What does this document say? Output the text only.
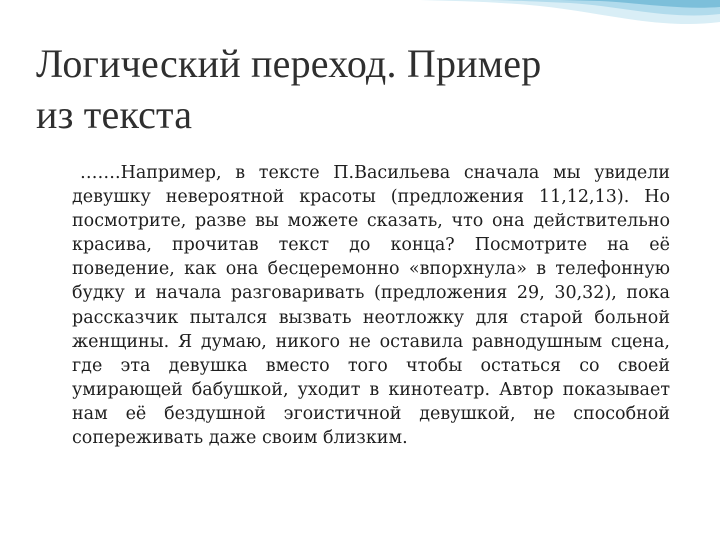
Логический переход. Пример
из текста

…….Например, в тексте П.Васильева сначала мы увидели девушку невероятной красоты (предложения 11,12,13). Но посмотрите, разве вы можете сказать, что она действительно красива, прочитав текст до конца? Посмотрите на её поведение, как она бесцеремонно «впорхнула» в телефонную будку и начала разговаривать (предложения 29, 30,32), пока рассказчик пытался вызвать неотложку для старой больной женщины. Я думаю, никого не оставила равнодушным сцена, где эта девушка вместо того чтобы остаться со своей умирающей бабушкой, уходит в кинотеатр. Автор показывает нам её бездушной эгоистичной девушкой, не способной сопереживать даже своим близким.
